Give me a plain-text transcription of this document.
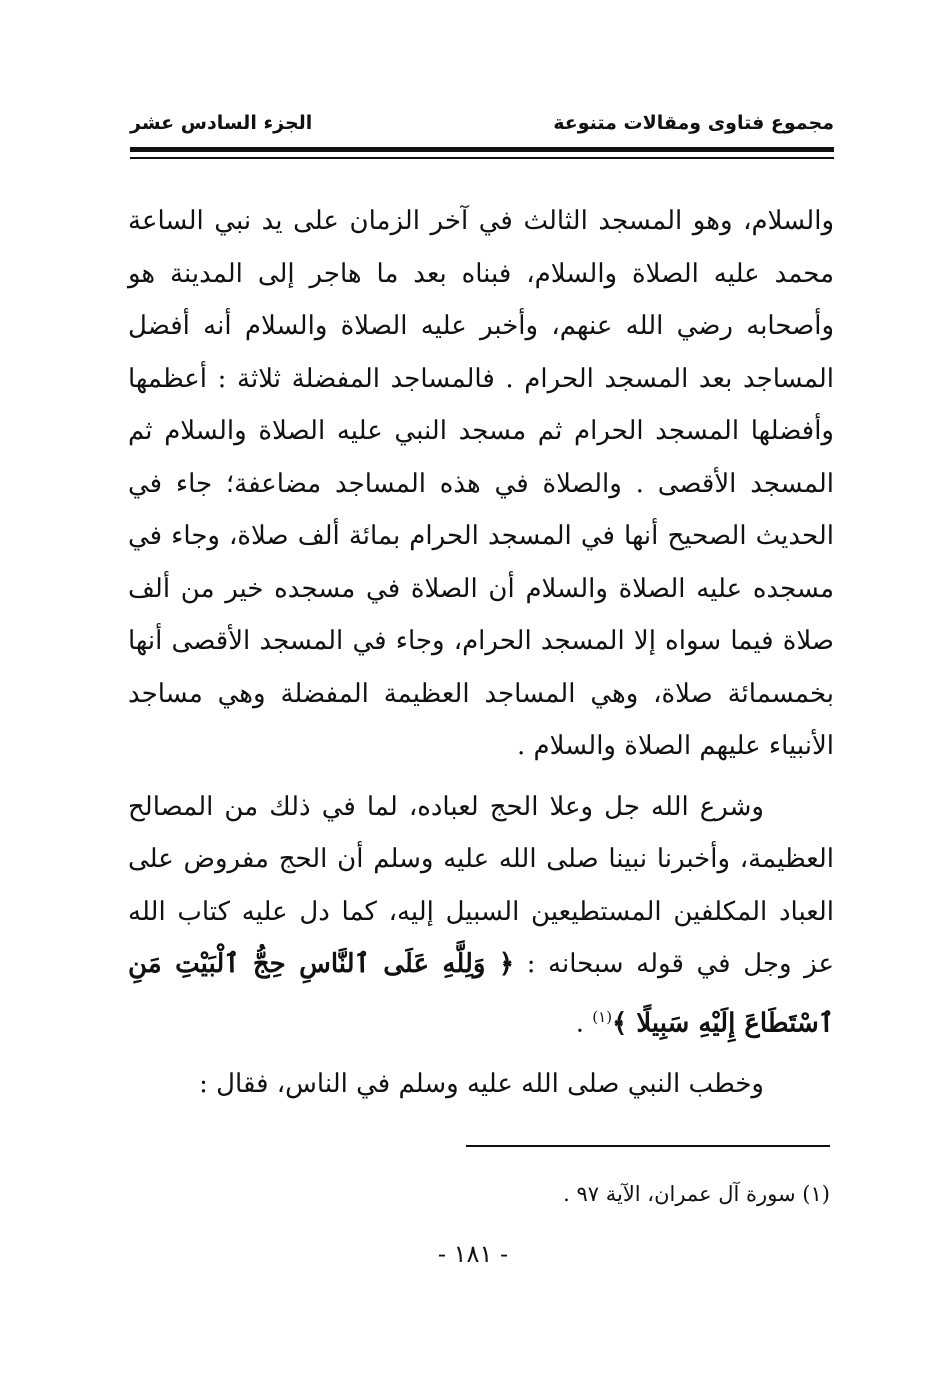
مجموع فتاوى ومقالات متنوعة
الجزء السادس عشر

والسلام، وهو المسجد الثالث في آخر الزمان على يد نبي الساعة محمد عليه الصلاة والسلام، فبناه بعد ما هاجر إلى المدينة هو وأصحابه رضي الله عنهم، وأخبر عليه الصلاة والسلام أنه أفضل المساجد بعد المسجد الحرام . فالمساجد المفضلة ثلاثة : أعظمها وأفضلها المسجد الحرام ثم مسجد النبي عليه الصلاة والسلام ثم المسجد الأقصى . والصلاة في هذه المساجد مضاعفة؛ جاء في الحديث الصحيح أنها في المسجد الحرام بمائة ألف صلاة، وجاء في مسجده عليه الصلاة والسلام أن الصلاة في مسجده خير من ألف صلاة فيما سواه إلا المسجد الحرام، وجاء في المسجد الأقصى أنها بخمسمائة صلاة، وهي المساجد العظيمة المفضلة وهي مساجد الأنبياء عليهم الصلاة والسلام .

وشرع الله جل وعلا الحج لعباده، لما في ذلك من المصالح العظيمة، وأخبرنا نبينا صلى الله عليه وسلم أن الحج مفروض على العباد المكلفين المستطيعين السبيل إليه، كما دل عليه كتاب الله عز وجل في قوله سبحانه : ﴿ وَلِلَّهِ عَلَى ٱلنَّاسِ حِجُّ ٱلْبَيْتِ مَنِ ٱسْتَطَاعَ إِلَيْهِ سَبِيلًا ﴾$^{(١)}$ .

وخطب النبي صلى الله عليه وسلم في الناس، فقال :

(١) سورة آل عمران، الآية ٩٧ .
- ١٨١ -
